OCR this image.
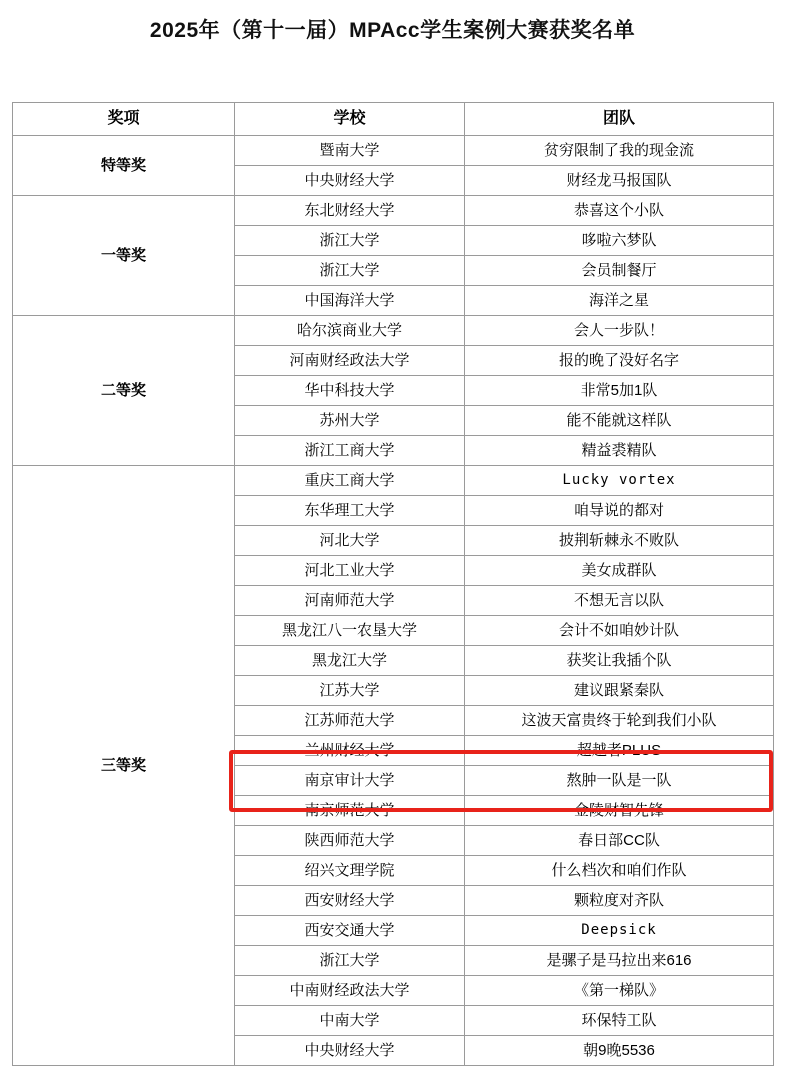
2025年（第十一届）MPAcc学生案例大赛获奖名单
奖项	学校	团队
特等奖	暨南大学	贫穷限制了我的现金流
	中央财经大学	财经龙马报国队
一等奖	东北财经大学	恭喜这个小队
	浙江大学	哆啦六梦队
	浙江大学	会员制餐厅
	中国海洋大学	海洋之星
二等奖	哈尔滨商业大学	会人一步队！
	河南财经政法大学	报的晚了没好名字
	华中科技大学	非常5加1队
	苏州大学	能不能就这样队
	浙江工商大学	精益裘精队
三等奖	重庆工商大学	Lucky vortex
	东华理工大学	咱导说的都对
	河北大学	披荆斩棘永不败队
	河北工业大学	美女成群队
	河南师范大学	不想无言以队
	黑龙江八一农垦大学	会计不如咱妙计队
	黑龙江大学	获奖让我插个队
	江苏大学	建议跟紧秦队
	江苏师范大学	这波天富贵终于轮到我们小队
	兰州财经大学	超越者PLUS
	南京审计大学	熬肿一队是一队
	南京师范大学	金陵财智先锋
	陕西师范大学	春日部CC队
	绍兴文理学院	什么档次和咱们作队
	西安财经大学	颗粒度对齐队
	西安交通大学	Deepsick
	浙江大学	是骡子是马拉出来616
	中南财经政法大学	《第一梯队》
	中南大学	环保特工队
	中央财经大学	朝9晚5536
